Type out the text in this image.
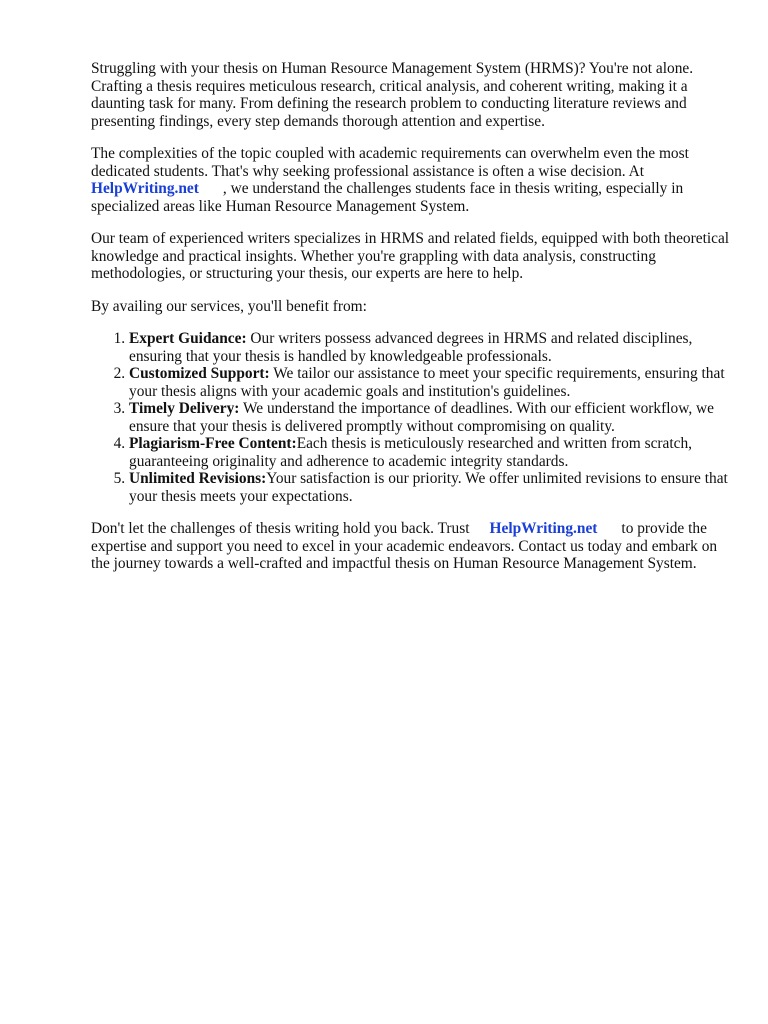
Struggling with your thesis on Human Resource Management System (HRMS)? You're not alone. Crafting a thesis requires meticulous research, critical analysis, and coherent writing, making it a daunting task for many. From defining the research problem to conducting literature reviews and presenting findings, every step demands thorough attention and expertise.

The complexities of the topic coupled with academic requirements can overwhelm even the most dedicated students. That's why seeking professional assistance is often a wise decision. At
HelpWriting.net , we understand the challenges students face in thesis writing, especially in specialized areas like Human Resource Management System.

Our team of experienced writers specializes in HRMS and related fields, equipped with both theoretical knowledge and practical insights. Whether you're grappling with data analysis, constructing methodologies, or structuring your thesis, our experts are here to help.

By availing our services, you'll benefit from:

1. Expert Guidance: Our writers possess advanced degrees in HRMS and related disciplines, ensuring that your thesis is handled by knowledgeable professionals.
2. Customized Support: We tailor our assistance to meet your specific requirements, ensuring that your thesis aligns with your academic goals and institution's guidelines.
3. Timely Delivery: We understand the importance of deadlines. With our efficient workflow, we ensure that your thesis is delivered promptly without compromising on quality.
4. Plagiarism-Free Content:Each thesis is meticulously researched and written from scratch, guaranteeing originality and adherence to academic integrity standards.
5. Unlimited Revisions:Your satisfaction is our priority. We offer unlimited revisions to ensure that your thesis meets your expectations.

Don't let the challenges of thesis writing hold you back. Trust HelpWriting.net to provide the expertise and support you need to excel in your academic endeavors. Contact us today and embark on the journey towards a well-crafted and impactful thesis on Human Resource Management System.
